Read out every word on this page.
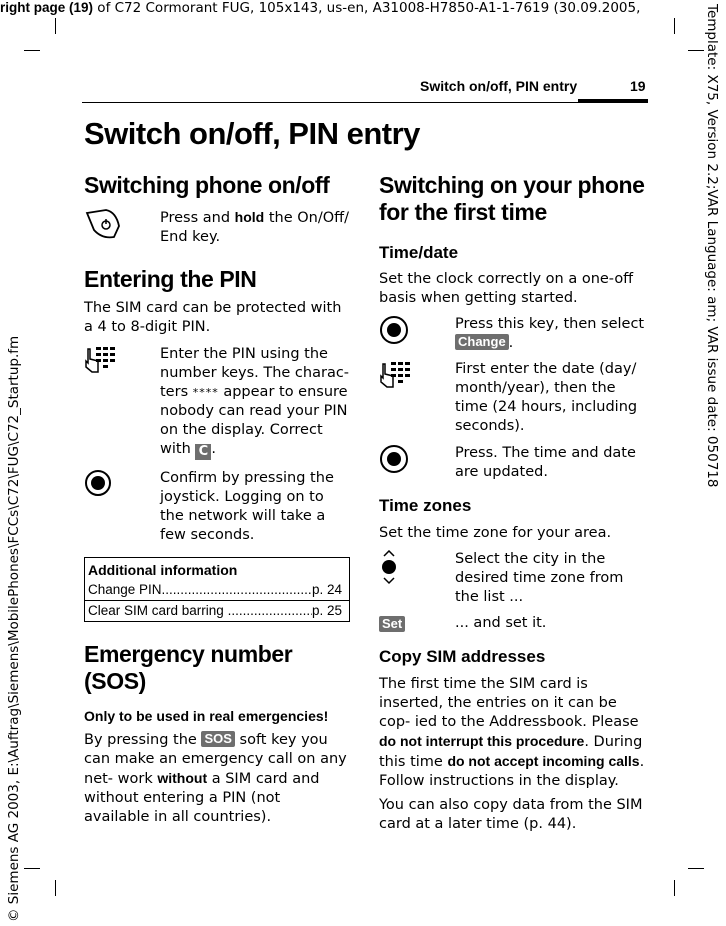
right page (19) of C72 Cormorant FUG, 105x143, us-en, A31008-H7850-A1-1-7619 (30.09.2005,
© Siemens AG 2003, E:\Auftrag\Siemens\MobilePhones\FCCs\C72\FUG\C72_Startup.fm
Template: X75, Version 2.2;VAR Language: am; VAR issue date: 050718
Switch on/off, PIN entry	19
Switch on/off, PIN entry
Switching phone on/off
Press and hold the On/Off/ End key.
Entering the PIN

The SIM card can be protected with a 4 to 8-digit PIN.

Enter the PIN using the number keys. The charac- ters **** appear to ensure nobody can read your PIN on the display. Correct with C .
Confirm by pressing the joystick. Logging on to the network will take a few seconds.
Additional information
Change PIN .....	p. 24
Clear SIM card barring .....	p. 25
Emergency number (SOS)

Only to be used in real emergencies!

By pressing the SOS soft key you can make an emergency call on any net- work without a SIM card and without entering a PIN (not available in all countries).

Switching on your phone for the first time
Time/date

Set the clock correctly on a one-off basis when getting started.

Press this key, then select Change .
First enter the date (day/ month/year), then the time (24 hours, including seconds).
Press. The time and date are updated.
Time zones

Set the time zone for your area.

Select the city in the desired time zone from the list ...
Set	... and set it.
Copy SIM addresses

The first time the SIM card is inserted, the entries on it can be cop- ied to the Addressbook. Please do not interrupt this procedure. During this time do not accept incoming calls. Follow instructions in the display.

You can also copy data from the SIM card at a later time (p. 44).
